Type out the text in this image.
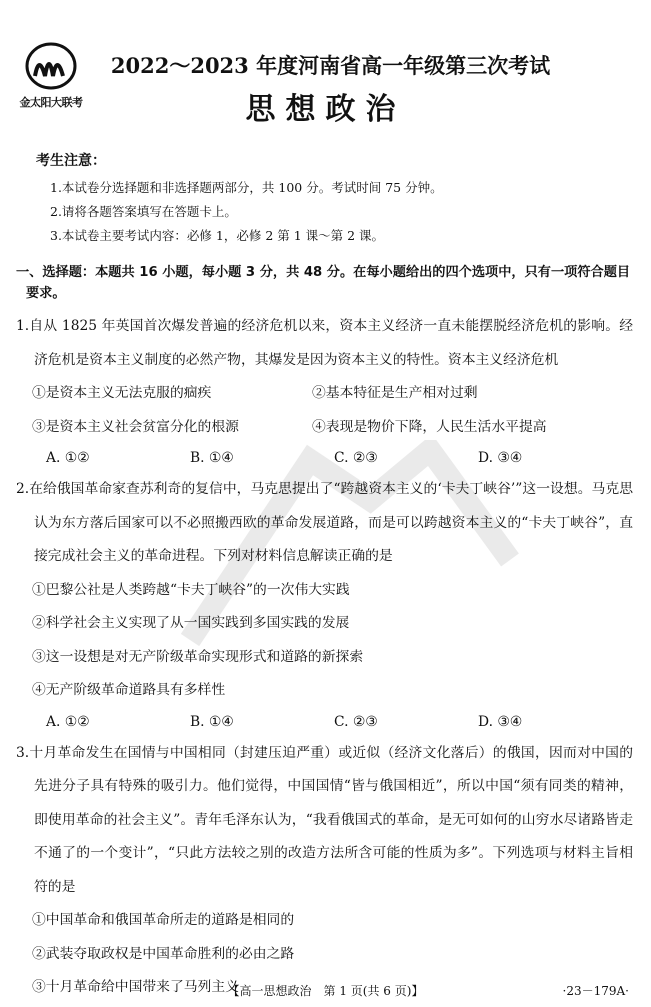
金太阳大联考
2022～2023 年度河南省高一年级第三次考试
思想政治
考生注意：
1.本试卷分选择题和非选择题两部分，共 100 分。考试时间 75 分钟。
2.请将各题答案填写在答题卡上。
3.本试卷主要考试内容：必修 1，必修 2 第 1 课～第 2 课。
一、选择题：本题共 16 小题，每小题 3 分，共 48 分。在每小题给出的四个选项中，只有一项符合题目要求。
1.自从 1825 年英国首次爆发普遍的经济危机以来，资本主义经济一直未能摆脱经济危机的影响。经济危机是资本主义制度的必然产物，其爆发是因为资本主义的特性。资本主义经济危机
①是资本主义无法克服的痼疾	②基本特征是生产相对过剩
③是资本主义社会贫富分化的根源	④表现是物价下降，人民生活水平提高
A. ①②	B. ①④	C. ②③	D. ③④
2.在给俄国革命家查苏利奇的复信中，马克思提出了“跨越资本主义的‘卡夫丁峡谷’”这一设想。马克思认为东方落后国家可以不必照搬西欧的革命发展道路，而是可以跨越资本主义的“卡夫丁峡谷”，直接完成社会主义的革命进程。下列对材料信息解读正确的是
①巴黎公社是人类跨越“卡夫丁峡谷”的一次伟大实践
②科学社会主义实现了从一国实践到多国实践的发展
③这一设想是对无产阶级革命实现形式和道路的新探索
④无产阶级革命道路具有多样性
A. ①②	B. ①④	C. ②③	D. ③④
3.十月革命发生在国情与中国相同（封建压迫严重）或近似（经济文化落后）的俄国，因而对中国的先进分子具有特殊的吸引力。他们觉得，中国国情“皆与俄国相近”，所以中国“须有同类的精神，即使用革命的社会主义”。青年毛泽东认为，“我看俄国式的革命，是无可如何的山穷水尽诸路皆走不通了的一个变计”，“只此方法较之别的改造方法所含可能的性质为多”。下列选项与材料主旨相符的是
①中国革命和俄国革命所走的道路是相同的
②武装夺取政权是中国革命胜利的必由之路
③十月革命给中国带来了马列主义
【高一思想政治　第 1 页(共 6 页)】	·23－179A·
